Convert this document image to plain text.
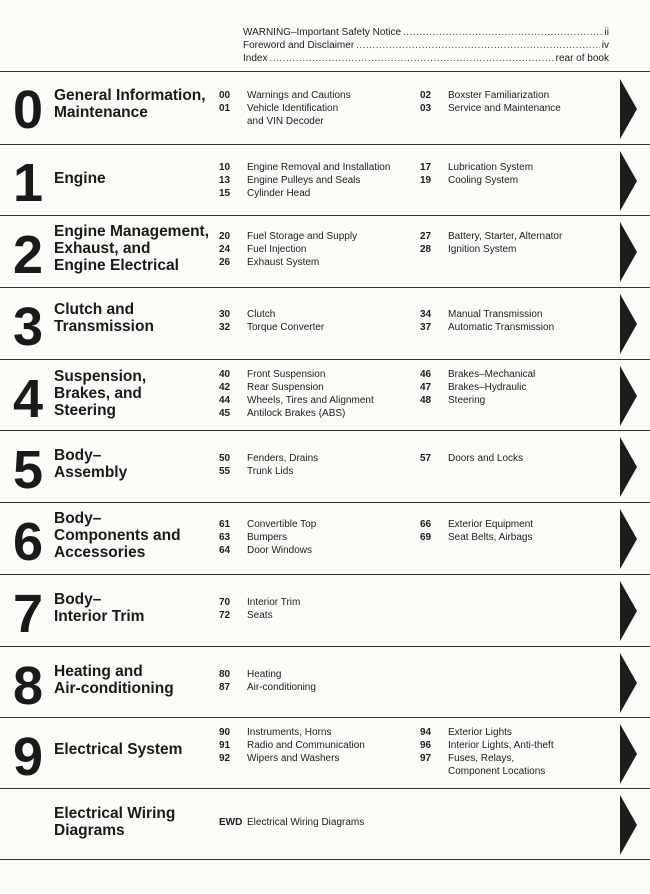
WARNING–Important Safety Notice .....	ii
Foreword and Disclaimer .....	iv
Index .....	rear of book
0 General Information,
Maintenance
00	Warnings and Cautions
01	Vehicle Identification
and VIN Decoder
02	Boxster Familiarization
03	Service and Maintenance
1 Engine
10	Engine Removal and Installation
13	Engine Pulleys and Seals
15	Cylinder Head
17	Lubrication System
19	Cooling System
2 Engine Management,
Exhaust, and
Engine Electrical
20	Fuel Storage and Supply
24	Fuel Injection
26	Exhaust System
27	Battery, Starter, Alternator
28	Ignition System
3 Clutch and
Transmission
30	Clutch
32	Torque Converter
34	Manual Transmission
37	Automatic Transmission
4 Suspension,
Brakes, and
Steering
40	Front Suspension
42	Rear Suspension
44	Wheels, Tires and Alignment
45	Antilock Brakes (ABS)
46	Brakes–Mechanical
47	Brakes–Hydraulic
48	Steering
5 Body–
Assembly
50	Fenders, Drains
55	Trunk Lids
57	Doors and Locks
6 Body–
Components and
Accessories
61	Convertible Top
63	Bumpers
64	Door Windows
66	Exterior Equipment
69	Seat Belts, Airbags
7 Body–
Interior Trim
70	Interior Trim
72	Seats
8 Heating and
Air-conditioning
80	Heating
87	Air-conditioning
9 Electrical System
90	Instruments, Horns
91	Radio and Communication
92	Wipers and Washers
94	Exterior Lights
96	Interior Lights, Anti-theft
97	Fuses, Relays,
Component Locations
Electrical Wiring
Diagrams	EWD Electrical Wiring Diagrams
